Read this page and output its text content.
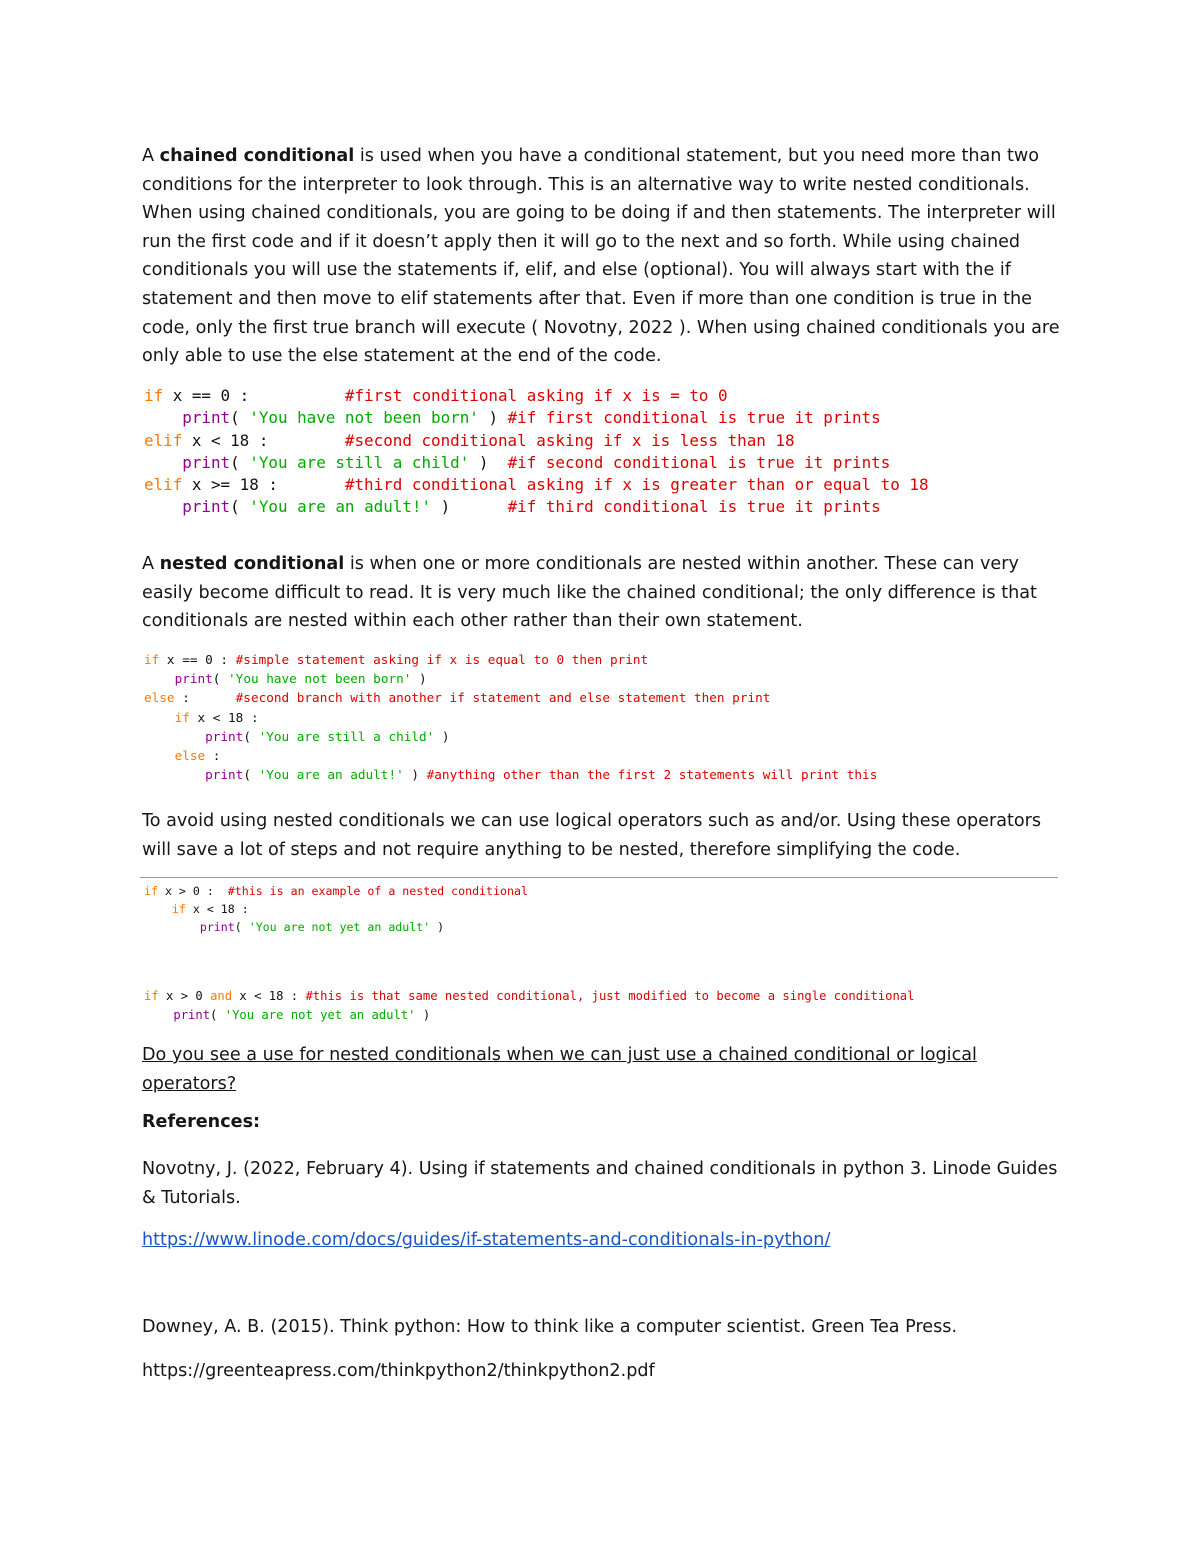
A chained conditional is used when you have a conditional statement, but you need more than two conditions for the interpreter to look through. This is an alternative way to write nested conditionals. When using chained conditionals, you are going to be doing if and then statements. The interpreter will run the first code and if it doesn’t apply then it will go to the next and so forth. While using chained conditionals you will use the statements if, elif, and else (optional). You will always start with the if statement and then move to elif statements after that. Even if more than one condition is true in the code, only the first true branch will execute ( Novotny, 2022 ). When using chained conditionals you are only able to use the else statement at the end of the code.
if x == 0 :          #first conditional asking if x is = to 0
print( 'You have not been born' ) #if first conditional is true it prints
elif x < 18 :        #second conditional asking if x is less than 18
print( 'You are still a child' )  #if second conditional is true it prints
elif x >= 18 :       #third conditional asking if x is greater than or equal to 18
print( 'You are an adult!' )      #if third conditional is true it prints
A nested conditional is when one or more conditionals are nested within another. These can very easily become difficult to read. It is very much like the chained conditional; the only difference is that conditionals are nested within each other rather than their own statement.
if x == 0 : #simple statement asking if x is equal to 0 then print
print( 'You have not been born' )
else :      #second branch with another if statement and else statement then print
if x < 18 :
print( 'You are still a child' )
else :
print( 'You are an adult!' ) #anything other than the first 2 statements will print this
To avoid using nested conditionals we can use logical operators such as and/or. Using these operators will save a lot of steps and not require anything to be nested, therefore simplifying the code.
if x > 0 :  #this is an example of a nested conditional
if x < 18 :
print( 'You are not yet an adult' )
if x > 0 and x < 18 : #this is that same nested conditional, just modified to become a single conditional
print( 'You are not yet an adult' )
Do you see a use for nested conditionals when we can just use a chained conditional or logical operators?
References:
Novotny, J. (2022, February 4). Using if statements and chained conditionals in python 3. Linode Guides & Tutorials.
https://www.linode.com/docs/guides/if-statements-and-conditionals-in-python/
Downey, A. B. (2015). Think python: How to think like a computer scientist. Green Tea Press.
https://greenteapress.com/thinkpython2/thinkpython2.pdf
